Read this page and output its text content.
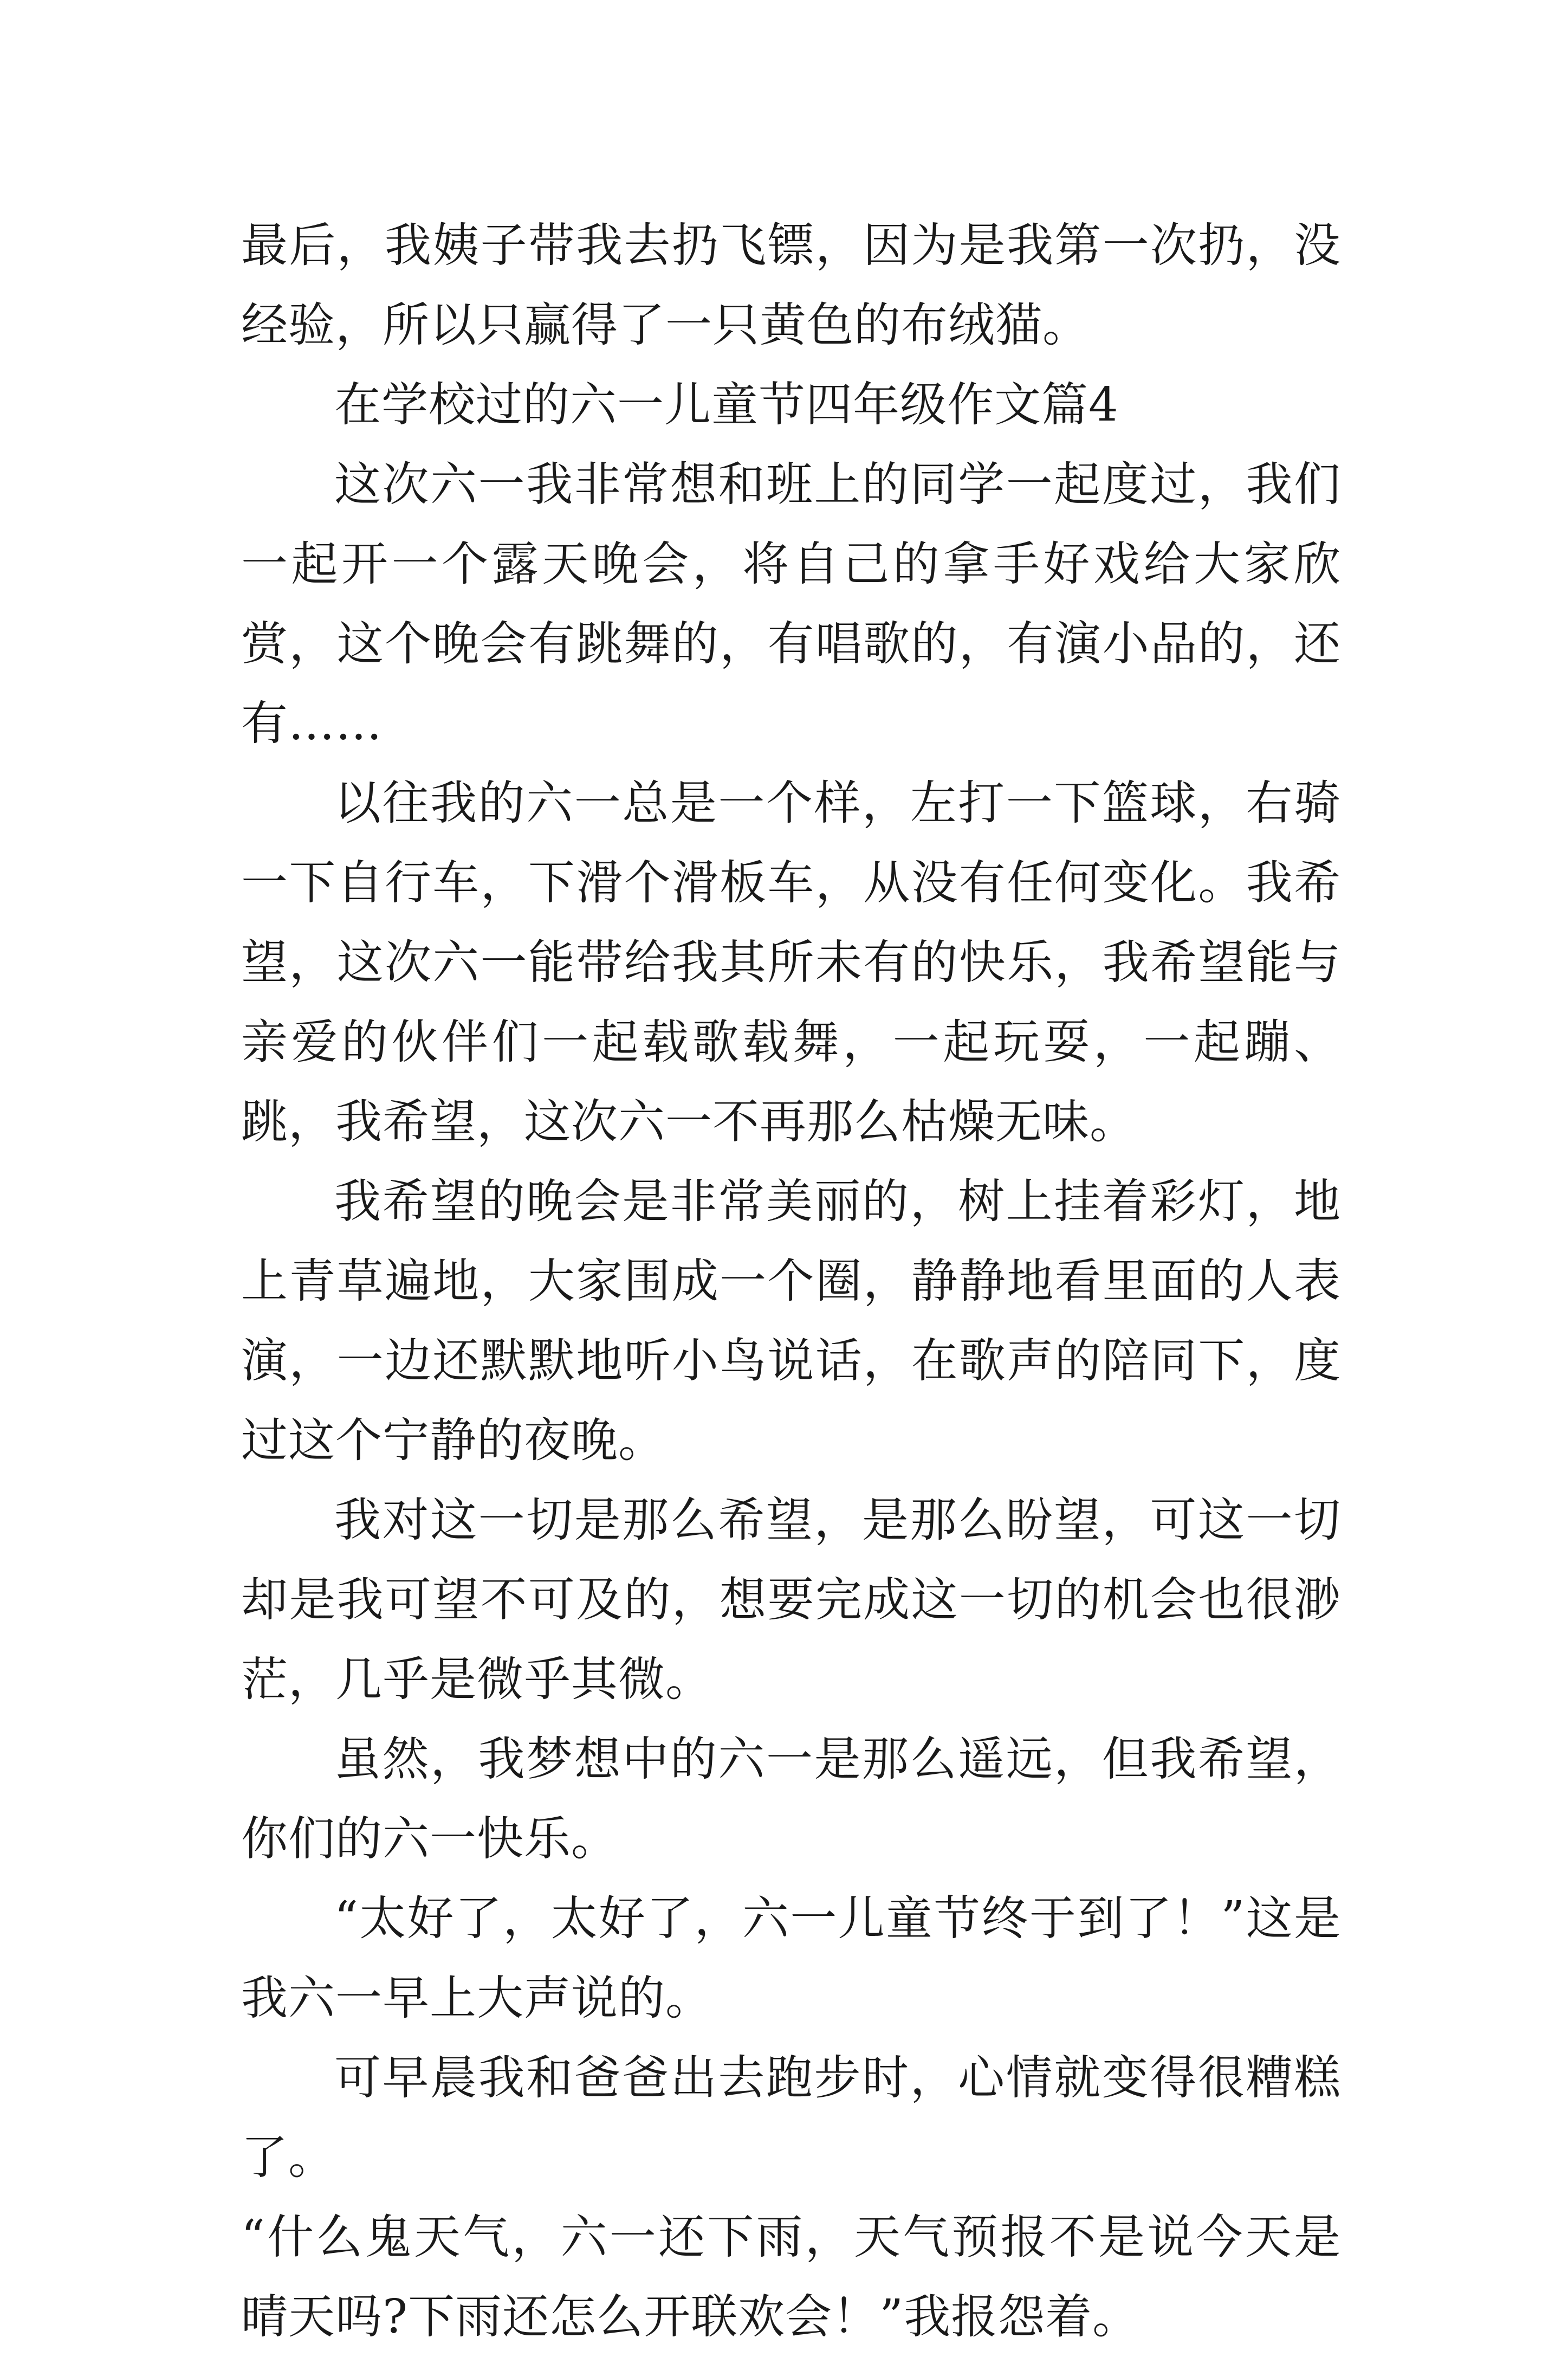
最后，我姨子带我去扔飞镖，因为是我第一次扔，没经验，所以只赢得了一只黄色的布绒猫。

在学校过的六一儿童节四年级作文篇4

这次六一我非常想和班上的同学一起度过，我们一起开一个露天晚会，将自己的拿手好戏给大家欣赏，这个晚会有跳舞的，有唱歌的，有演小品的，还有……

以往我的六一总是一个样，左打一下篮球，右骑一下自行车，下滑个滑板车，从没有任何变化。我希望，这次六一能带给我其所未有的快乐，我希望能与亲爱的伙伴们一起载歌载舞，一起玩耍，一起蹦、跳，我希望，这次六一不再那么枯燥无味。

我希望的晚会是非常美丽的，树上挂着彩灯，地上青草遍地，大家围成一个圈，静静地看里面的人表演，一边还默默地听小鸟说话，在歌声的陪同下，度过这个宁静的夜晚。

我对这一切是那么希望，是那么盼望，可这一切却是我可望不可及的，想要完成这一切的机会也很渺茫，几乎是微乎其微。

虽然，我梦想中的六一是那么遥远，但我希望，你们的六一快乐。

“太好了，太好了，六一儿童节终于到了！”这是我六一早上大声说的。

可早晨我和爸爸出去跑步时，心情就变得很糟糕了。

“什么鬼天气，六一还下雨，天气预报不是说今天是晴天吗?下雨还怎么开联欢会！”我报怨着。
